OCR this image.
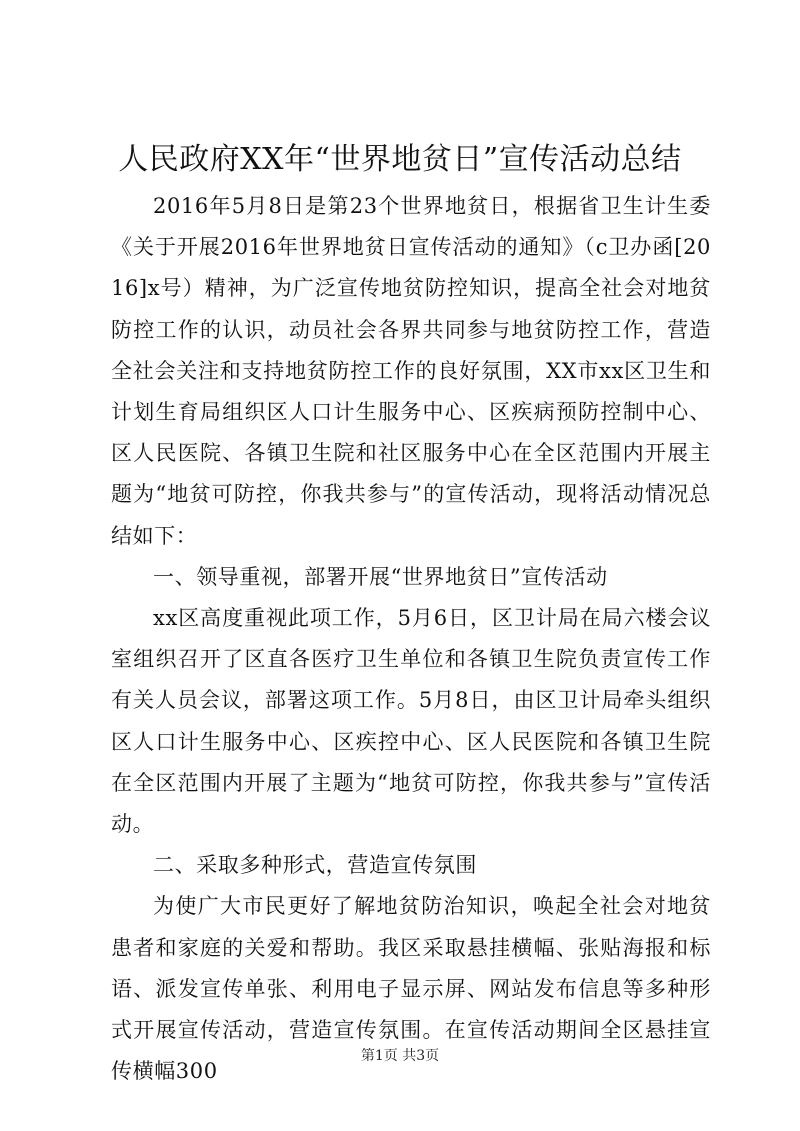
人民政府XX年“世界地贫日”宣传活动总结

2016年5月8日是第23个世界地贫日，根据省卫生计生委《关于开展2016年世界地贫日宣传活动的通知》（c卫办函[2016]x号）精神，为广泛宣传地贫防控知识，提高全社会对地贫防控工作的认识，动员社会各界共同参与地贫防控工作，营造全社会关注和支持地贫防控工作的良好氛围，XX市xx区卫生和计划生育局组织区人口计生服务中心、区疾病预防控制中心、区人民医院、各镇卫生院和社区服务中心在全区范围内开展主题为“地贫可防控，你我共参与”的宣传活动，现将活动情况总结如下：

一、领导重视，部署开展“世界地贫日”宣传活动

xx区高度重视此项工作，5月6日，区卫计局在局六楼会议室组织召开了区直各医疗卫生单位和各镇卫生院负责宣传工作有关人员会议，部署这项工作。5月8日，由区卫计局牵头组织区人口计生服务中心、区疾控中心、区人民医院和各镇卫生院在全区范围内开展了主题为“地贫可防控，你我共参与”宣传活动。

二、采取多种形式，营造宣传氛围

为使广大市民更好了解地贫防治知识，唤起全社会对地贫患者和家庭的关爱和帮助。我区采取悬挂横幅、张贴海报和标语、派发宣传单张、利用电子显示屏、网站发布信息等多种形式开展宣传活动，营造宣传氛围。在宣传活动期间全区悬挂宣传横幅300

第1页 共3页
